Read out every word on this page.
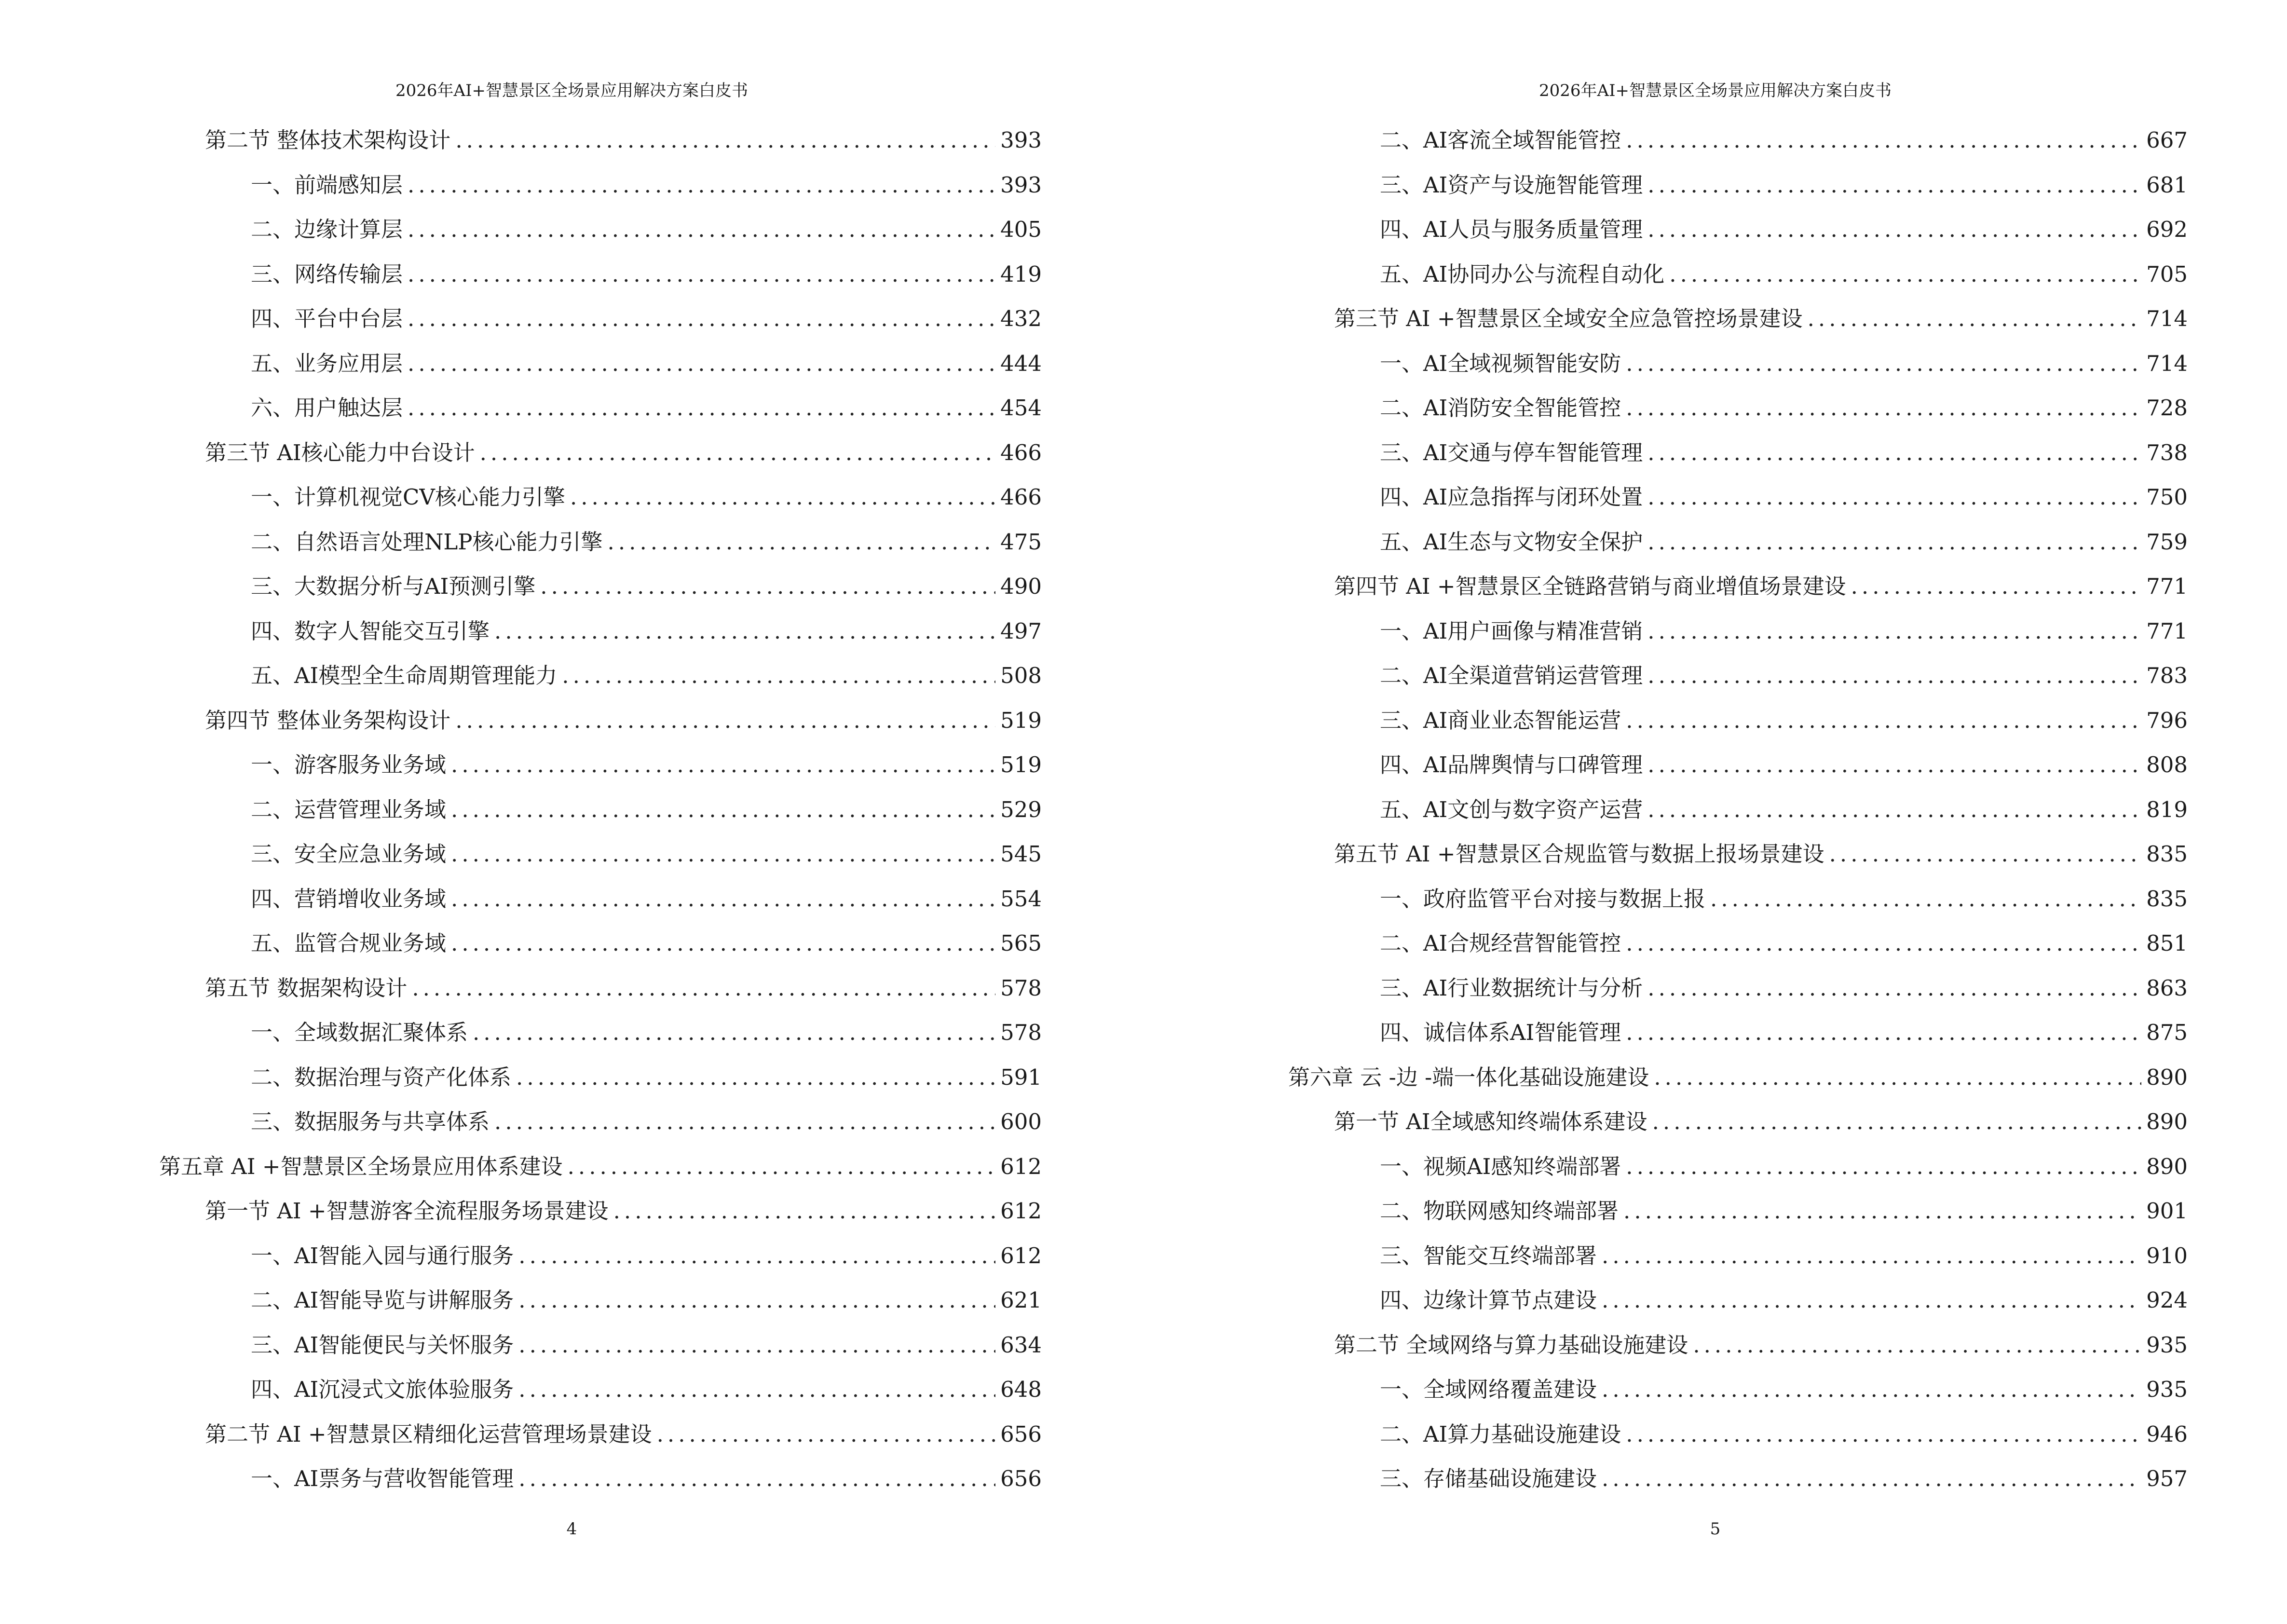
2026年AI+智慧景区全场景应用解决方案白皮书
第二节 整体技术架构设计 .....	393
一、前端感知层 .....	393
二、边缘计算层 .....	405
三、网络传输层 .....	419
四、平台中台层 .....	432
五、业务应用层 .....	444
六、用户触达层 .....	454
第三节 AI核心能力中台设计 .....	466
一、计算机视觉CV核心能力引擎 .....	466
二、自然语言处理NLP核心能力引擎 .....	475
三、大数据分析与AI预测引擎 .....	490
四、数字人智能交互引擎 .....	497
五、AI模型全生命周期管理能力 .....	508
第四节 整体业务架构设计 .....	519
一、游客服务业务域 .....	519
二、运营管理业务域 .....	529
三、安全应急业务域 .....	545
四、营销增收业务域 .....	554
五、监管合规业务域 .....	565
第五节 数据架构设计 .....	578
一、全域数据汇聚体系 .....	578
二、数据治理与资产化体系 .....	591
三、数据服务与共享体系 .....	600
第五章 AI +智慧景区全场景应用体系建设 .....	612
第一节 AI +智慧游客全流程服务场景建设 .....	612
一、AI智能入园与通行服务 .....	612
二、AI智能导览与讲解服务 .....	621
三、AI智能便民与关怀服务 .....	634
四、AI沉浸式文旅体验服务 .....	648
第二节 AI +智慧景区精细化运营管理场景建设 .....	656
一、AI票务与营收智能管理 .....	656
4
2026年AI+智慧景区全场景应用解决方案白皮书
二、AI客流全域智能管控 .....	667
三、AI资产与设施智能管理 .....	681
四、AI人员与服务质量管理 .....	692
五、AI协同办公与流程自动化 .....	705
第三节 AI +智慧景区全域安全应急管控场景建设 .....	714
一、AI全域视频智能安防 .....	714
二、AI消防安全智能管控 .....	728
三、AI交通与停车智能管理 .....	738
四、AI应急指挥与闭环处置 .....	750
五、AI生态与文物安全保护 .....	759
第四节 AI +智慧景区全链路营销与商业增值场景建设 .....	771
一、AI用户画像与精准营销 .....	771
二、AI全渠道营销运营管理 .....	783
三、AI商业业态智能运营 .....	796
四、AI品牌舆情与口碑管理 .....	808
五、AI文创与数字资产运营 .....	819
第五节 AI +智慧景区合规监管与数据上报场景建设 .....	835
一、政府监管平台对接与数据上报 .....	835
二、AI合规经营智能管控 .....	851
三、AI行业数据统计与分析 .....	863
四、诚信体系AI智能管理 .....	875
第六章 云 -边 -端一体化基础设施建设 .....	890
第一节 AI全域感知终端体系建设 .....	890
一、视频AI感知终端部署 .....	890
二、物联网感知终端部署 .....	901
三、智能交互终端部署 .....	910
四、边缘计算节点建设 .....	924
第二节 全域网络与算力基础设施建设 .....	935
一、全域网络覆盖建设 .....	935
二、AI算力基础设施建设 .....	946
三、存储基础设施建设 .....	957
5
